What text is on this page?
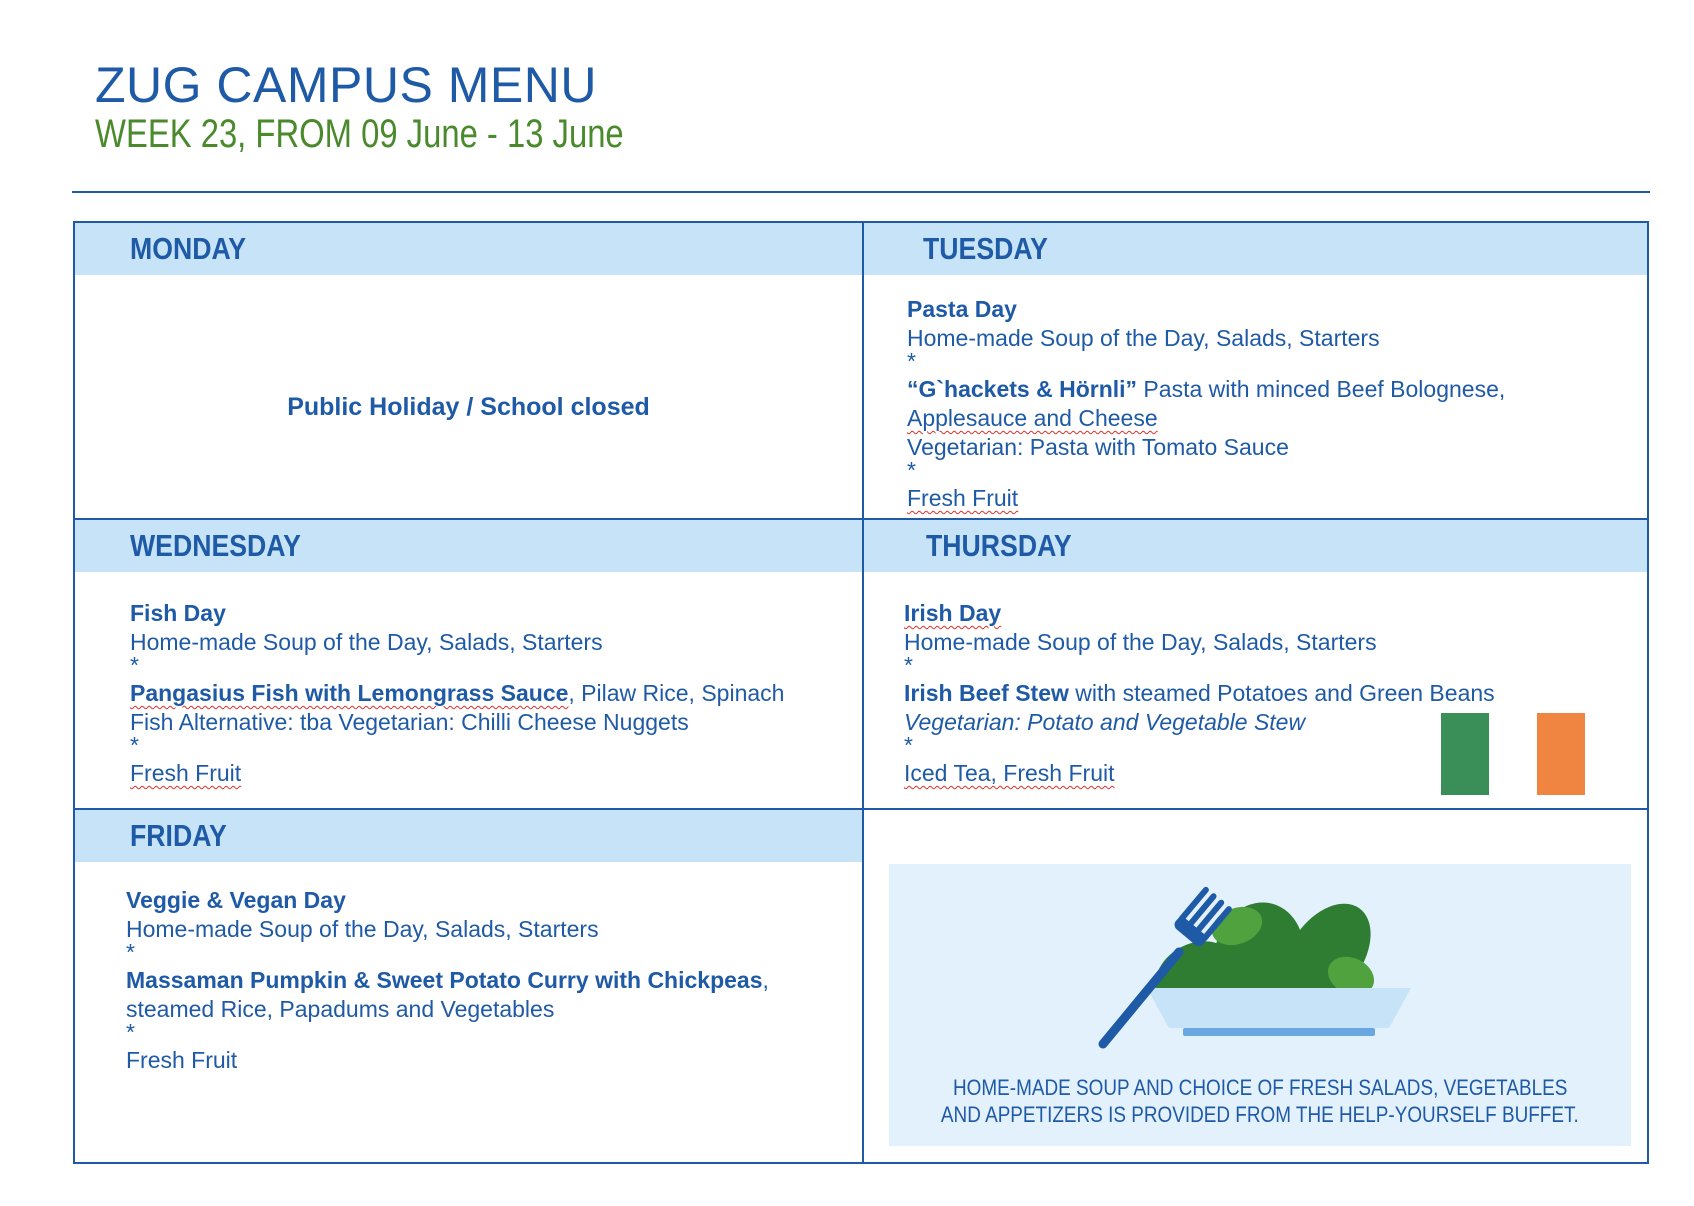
ZUG CAMPUS MENU
WEEK 23, FROM 09 June - 13 June
MONDAY
Public Holiday / School closed
TUESDAY
Pasta Day
Home-made Soup of the Day, Salads, Starters
*
“G`hackets & Hörnli” Pasta with minced Beef Bolognese,
Applesauce and Cheese
Vegetarian: Pasta with Tomato Sauce
*
Fresh Fruit
WEDNESDAY
Fish Day
Home-made Soup of the Day, Salads, Starters
*
Pangasius Fish with Lemongrass Sauce, Pilaw Rice, Spinach
Fish Alternative: tba Vegetarian: Chilli Cheese Nuggets
*
Fresh Fruit
THURSDAY
Irish Day
Home-made Soup of the Day, Salads, Starters
*
Irish Beef Stew with steamed Potatoes and Green Beans
Vegetarian: Potato and Vegetable Stew
*
Iced Tea, Fresh Fruit
FRIDAY
Veggie & Vegan Day
Home-made Soup of the Day, Salads, Starters
*
Massaman Pumpkin & Sweet Potato Curry with Chickpeas,
steamed Rice, Papadums and Vegetables
*
Fresh Fruit
HOME-MADE SOUP AND CHOICE OF FRESH SALADS, VEGETABLES
AND APPETIZERS IS PROVIDED FROM THE HELP-YOURSELF BUFFET.
